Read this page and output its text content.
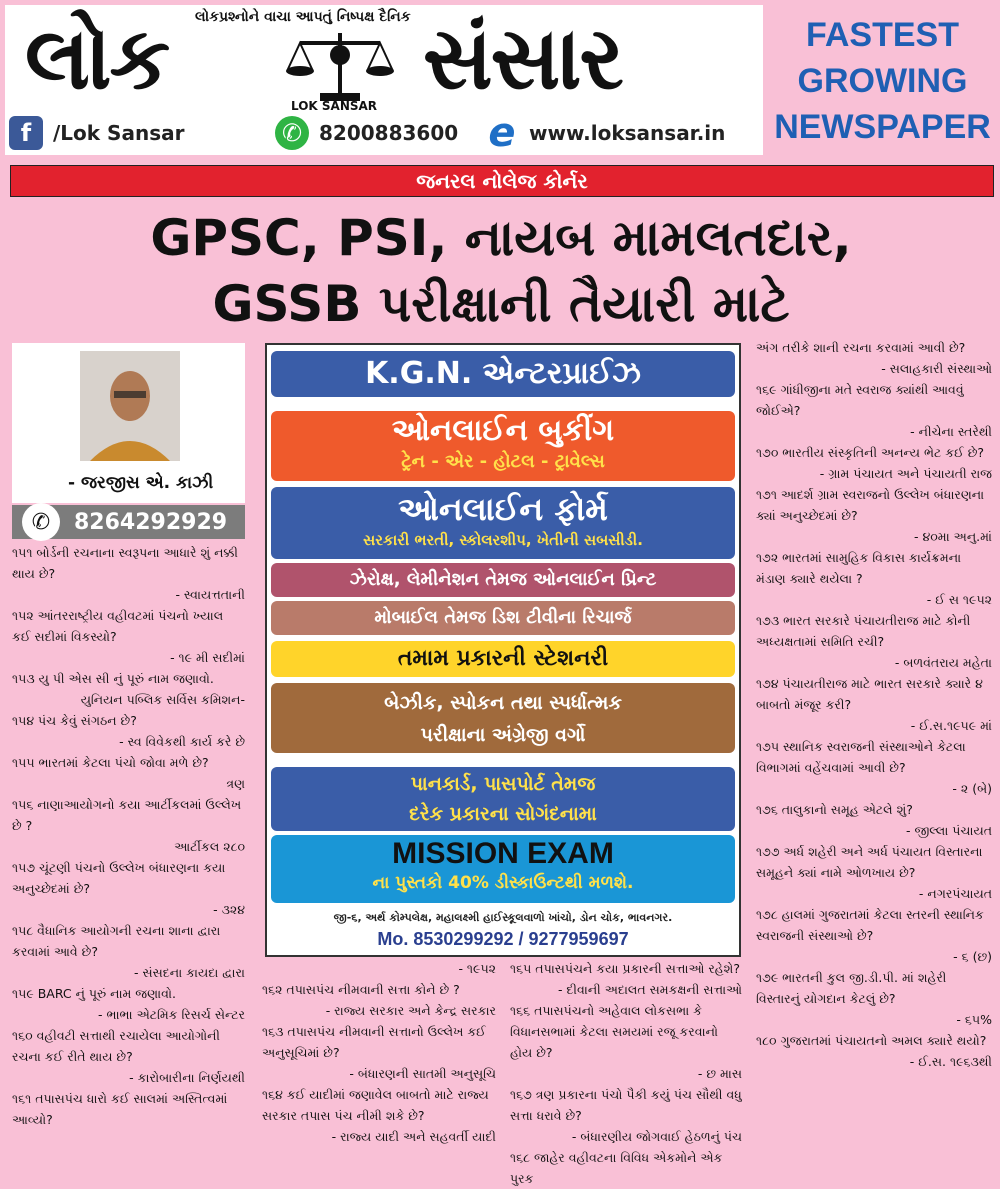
લોક લોકપ્રશ્નોને વાચા આપતું નિષ્પક્ષ દૈનિક
LOK SANSAR સંસાર
f	/Lok Sansar	✆ 8200883600 e www.loksansar.in
FASTEST
GROWING
NEWSPAPER
જનરલ નોલેજ કોર્નર
GPSC, PSI, નાયબ મામલતદાર,
GSSB પરીક્ષાની તૈયારી માટે
- જરજીસ એ. કાઝી
✆	8264292929
K.G.N. એન્ટરપ્રાઈઝ
ઓનલાઈન બુકીંગ
ટ્રેન - એર - હોટલ - ટ્રાવેલ્સ
ઓનલાઈન ફોર્મ
સરકારી ભરતી, સ્કોલરશીપ, ખેતીની સબસીડી.
ઝેરોક્ષ, લેમીનેશન તેમજ ઓનલાઈન પ્રિન્ટ
મોબાઈલ તેમજ ડિશ ટીવીના રિચાર્જ
તમામ પ્રકારની સ્ટેશનરી
બેઝીક, સ્પોકન તથા સ્પર્ધાત્મક
પરીક્ષાના અંગ્રેજી વર્ગો
પાનકાર્ડ, પાસપોર્ટ તેમજ
દરેક પ્રકારના સોગંદનામા
MISSION EXAM
ના પુસ્તકો 40% ડીસ્કાઉન્ટથી મળશે.
જી-૬, અર્થ કોમ્પલેક્ષ, મહાલક્ષ્મી હાઈસ્કૂલવાળો ખાંચો, ડોન ચોક, ભાવનગર.
Mo. 8530299292 / 9277959697

૧૫૧ બોર્ડની રચનાના સ્વરૂપના આધારે શું નક્કી થાય છે?

- સ્વાયત્તતાની

૧૫૨ આંતરરાષ્ટ્રીય વહીવટમાં પંચનો ખ્યાલ કઈ સદીમાં વિકસ્યો?

- ૧૯ મી સદીમાં

૧૫૩ યુ પી એસ સી નું પૂરું નામ જણાવો.

યુનિયન પબ્લિક સર્વિસ કમિશન-

૧૫૪ પંચ કેવું સંગઠન છે?

- સ્વ વિવેકથી કાર્ય કરે છે

૧૫૫ ભારતમાં કેટલા પંચો જોવા મળે છે?

ત્રણ

૧૫૬ નાણાઆયોગનો કયા આર્ટીકલમાં ઉલ્લેખ છે ?

આર્ટીકલ ૨૮૦

૧૫૭ ચૂંટણી પંચનો ઉલ્લેખ બંધારણના કયા અનુચ્છેદમાં છે?

- ૩૨૪

૧૫૮ વૈધાનિક આયોગની રચના શાના દ્વારા કરવામાં આવે છે?

- સંસદના કાયદા દ્વારા

૧૫૯ BARC નું પૂરું નામ જણાવો.

- ભાભા એટમિક રિસર્ચ સેન્ટર

૧૬૦ વહીવટી સત્તાથી રચાયેલા આયોગોની રચના કઈ રીતે થાય છે?

- કારોબારીના નિર્ણયથી

૧૬૧ તપાસપંચ ધારો કઈ સાલમાં અસ્તિત્વમાં આવ્યો?

- ૧૯૫૨

૧૬૨ તપાસપંચ નીમવાની સત્તા કોને છે ?

- રાજ્ય સરકાર અને કેન્દ્ર સરકાર

૧૬૩ તપાસપંચ નીમવાની સત્તાનો ઉલ્લેખ કઈ અનુસૂચિમાં છે?

- બંધારણની સાતમી અનુસૂચિ

૧૬૪ કઈ યાદીમાં જણાવેલ બાબતો માટે રાજ્ય સરકાર તપાસ પંચ નીમી શકે છે?

- રાજ્ય યાદી અને સહવર્તી યાદી

૧૬૫ તપાસપંચને કયા પ્રકારની સત્તાઓ રહેશે?

- દીવાની અદાલત સમકક્ષની સત્તાઓ

૧૬૬ તપાસપંચનો અહેવાલ લોકસભા કે વિધાનસભામાં કેટલા સમયમાં રજૂ કરવાનો હોય છે?

- છ માસ

૧૬૭ ત્રણ પ્રકારના પંચો પૈકી કયું પંચ સૌથી વધુ સત્તા ધરાવે છે?

- બંધારણીય જોગવાઈ હેઠળનું પંચ

૧૬૮ જાહેર વહીવટના વિવિધ એકમોને એક પુરક

અંગ તરીકે શાની રચના કરવામાં આવી છે?

- સલાહકારી સંસ્થાઓ

૧૬૯ ગાંધીજીના મતે સ્વરાજ ક્યાંથી આવવું જોઈએ?

- નીચેના સ્તરેથી

૧૭૦ ભારતીય સંસ્કૃતિની અનન્ય ભેટ કઈ છે?

- ગ્રામ પંચાયત અને પંચાયતી રાજ

૧૭૧ આદર્શ ગ્રામ સ્વરાજનો ઉલ્લેખ બંધારણના ક્યાં અનુચ્છેદમાં છે?

- ૪૦મા અનુ.માં

૧૭૨ ભારતમાં સામુહિક વિકાસ કાર્યક્રમના મંડાણ ક્યારે થયેલા ?

- ઈ સ ૧૯૫૨

૧૭૩ ભારત સરકારે પંચાયતીરાજ માટે કોની અધ્યક્ષતામાં સમિતિ રચી?

- બળવંતરાય મહેતા

૧૭૪ પંચાયતીરાજ માટે ભારત સરકારે ક્યારે ૪ બાબતો મંજૂર કરી?

- ઈ.સ.૧૯૫૯ માં

૧૭૫ સ્થાનિક સ્વરાજની સંસ્થાઓને કેટલા વિભાગમાં વહેંચવામાં આવી છે?

- ૨ (બે)

૧૭૬ તાલુકાનો સમૂહ એટલે શું?

- જીલ્લા પંચાયત

૧૭૭ અર્ધ શહેરી અને અર્ધ પંચાયત વિસ્તારના સમૂહને ક્યાં નામે ઓળખાય છે?

- નગરપંચાયત

૧૭૮ હાલમાં ગુજરાતમાં કેટલા સ્તરની સ્થાનિક સ્વરાજની સંસ્થાઓ છે?

- ૬ (છ)

૧૭૯ ભારતની કુલ જી.ડી.પી. માં શહેરી વિસ્તારનું યોગદાન કેટલું છે?

- ૬૫%

૧૮૦ ગુજરાતમાં પંચાયતનો અમલ ક્યારે થયો?

- ઈ.સ. ૧૯૬૩થી
